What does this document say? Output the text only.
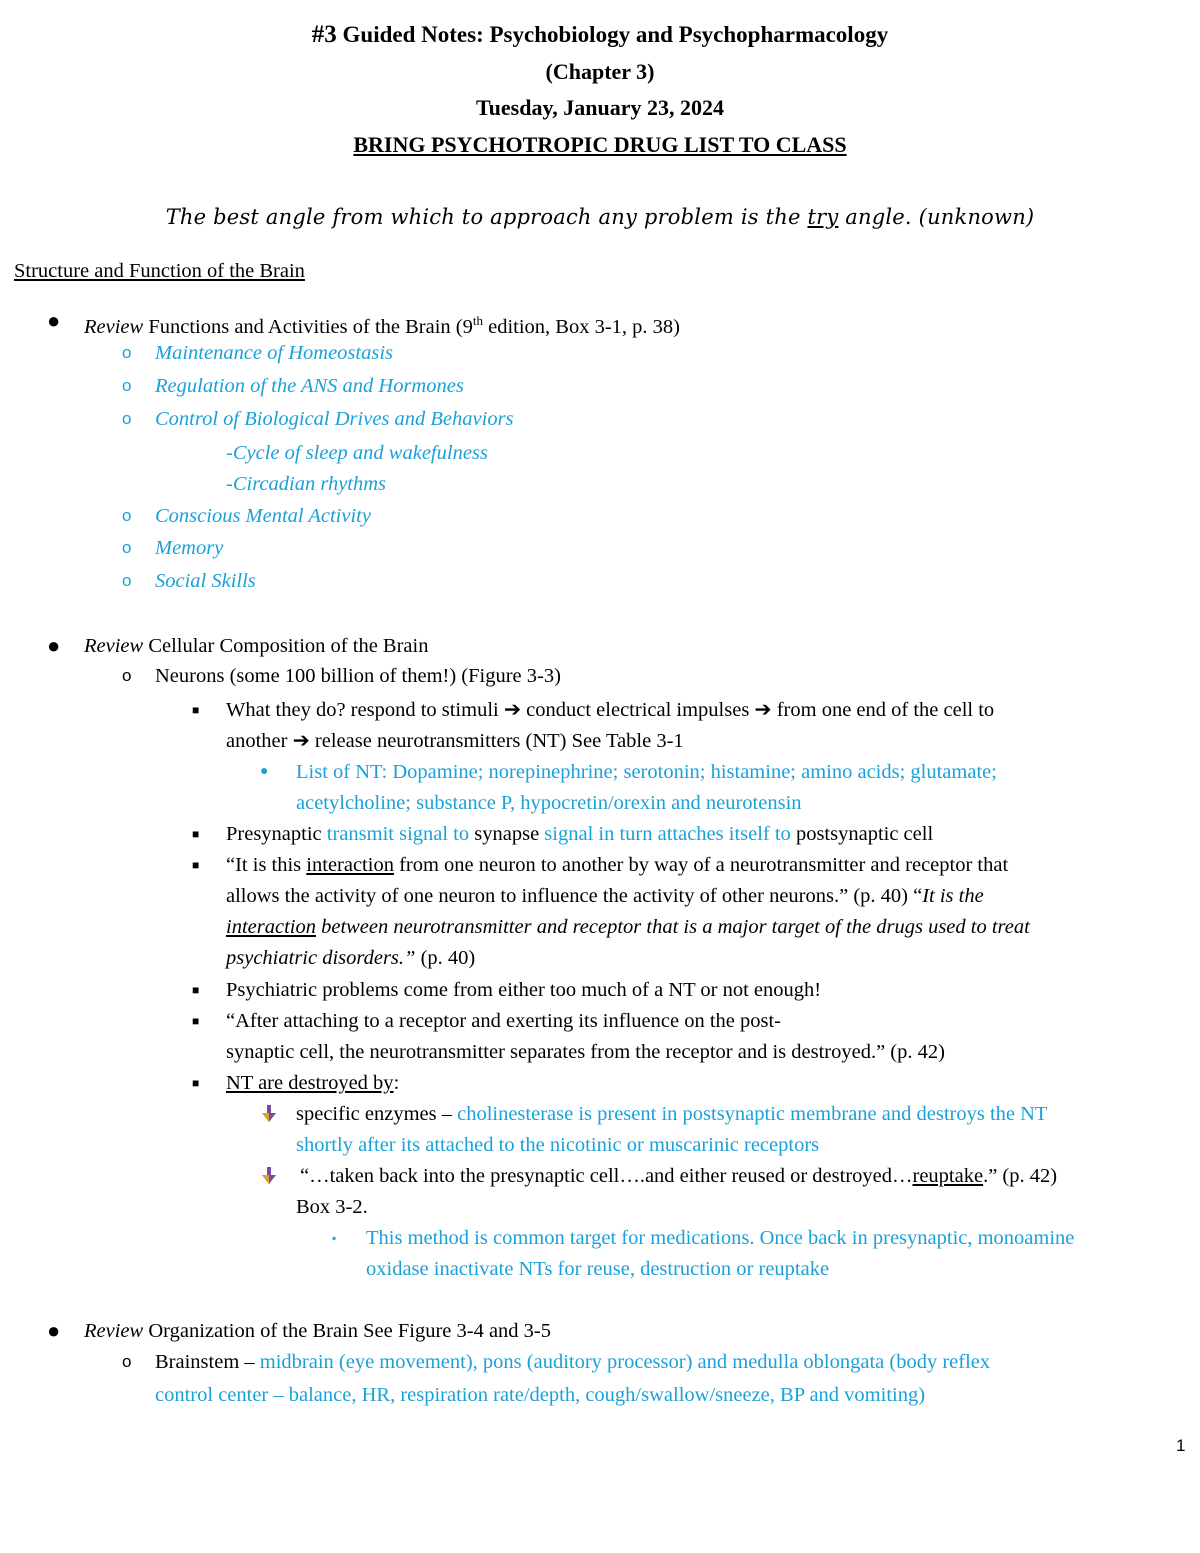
#3 Guided Notes: Psychobiology and Psychopharmacology
(Chapter 3)
Tuesday, January 23, 2024
BRING PSYCHOTROPIC DRUG LIST TO CLASS
The best angle from which to approach any problem is the try angle. (unknown)
Structure and Function of the Brain
● Review Functions and Activities of the Brain (9th edition, Box 3-1, p. 38)
o Maintenance of Homeostasis
o Regulation of the ANS and Hormones
o Control of Biological Drives and Behaviors
-Cycle of sleep and wakefulness
-Circadian rhythms
o Conscious Mental Activity
o Memory
o Social Skills
● Review Cellular Composition of the Brain
o Neurons (some 100 billion of them!) (Figure 3-3)
■ What they do? respond to stimuli ➔ conduct electrical impulses ➔ from one end of the cell to
another ➔ release neurotransmitters (NT) See Table 3-1
● List of NT: Dopamine; norepinephrine; serotonin; histamine; amino acids; glutamate;
acetylcholine; substance P, hypocretin/orexin and neurotensin
■ Presynaptic transmit signal to synapse signal in turn attaches itself to postsynaptic cell
■ “It is this interaction from one neuron to another by way of a neurotransmitter and receptor that
allows the activity of one neuron to influence the activity of other neurons.” (p. 40) “It is the
interaction between neurotransmitter and receptor that is a major target of the drugs used to treat
psychiatric disorders.” (p. 40)
■ Psychiatric problems come from either too much of a NT or not enough!
■ “After attaching to a receptor and exerting its influence on the post-
synaptic cell, the neurotransmitter separates from the receptor and is destroyed.” (p. 42)
■ NT are destroyed by:
specific enzymes – cholinesterase is present in postsynaptic membrane and destroys the NT
shortly after its attached to the nicotinic or muscarinic receptors
“…taken back into the presynaptic cell….and either reused or destroyed…reuptake.” (p. 42)
Box 3-2.
▪ This method is common target for medications. Once back in presynaptic, monoamine
oxidase inactivate NTs for reuse, destruction or reuptake
● Review Organization of the Brain See Figure 3-4 and 3-5
o Brainstem – midbrain (eye movement), pons (auditory processor) and medulla oblongata (body reflex
control center – balance, HR, respiration rate/depth, cough/swallow/sneeze, BP and vomiting)
1
